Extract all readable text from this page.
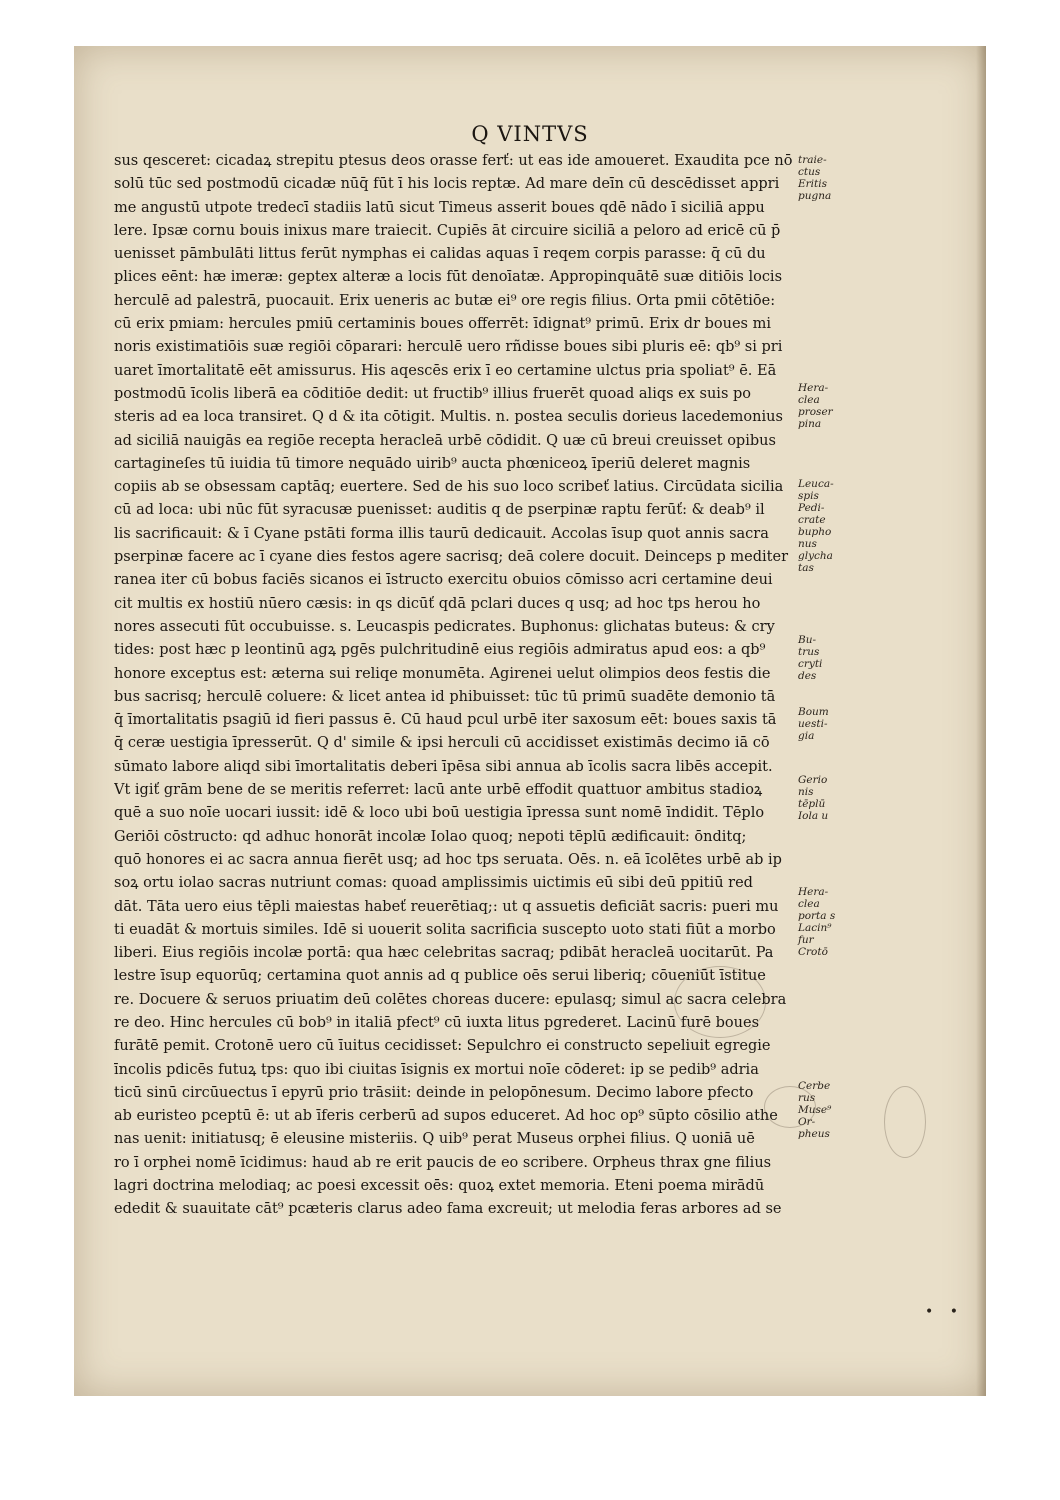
Q VINTVS
sus qesceret: cicadaꝝ strepitu ptesus deos orasse ferť: ut eas ide amoueret. Exaudita pce nō
solū tūc sed postmodū cicadæ nūq̄ fūt ī his locis reptæ. Ad mare deīn cū descēdisset appri
me angustū utpote tredecī stadiis latū sicut Timeus asserit boues qdē nādo ī siciliā appu
lere. Ipsæ cornu bouis inixus mare traiecit. Cupiēs āt circuire siciliā a peloro ad ericē cū p̄
uenisset pāmbulāti littus ferūt nymphas ei calidas aquas ī reqem corpis parasse: q̄ cū du
plices eēnt: hæ imeræ: geptex alteræ a locis fūt denoīatæ. Appropinquātē suæ ditiōis locis
herculē ad palestrā, puocauit. Erix ueneris ac butæ ei⁹ ore regis filius. Orta pmii cōtētiōe:
cū erix pmiam: hercules pmiū certaminis boues offerrēt: īdignat⁹ primū. Erix dr boues mi
noris existimatiōis suæ regiōi cōparari: herculē uero rñdisse boues sibi pluris eē: qb⁹ si pri
uaret īmortalitatē eēt amissurus. His aqescēs erix ī eo certamine ulctus pria spoliat⁹ ē. Eā
postmodū īcolis liberā ea cōditiōe dedit: ut fructib⁹ illius fruerēt quoad aliqs ex suis po
steris ad ea loca transiret. Q d & ita cōtigit. Multis. n. postea seculis dorieus lacedemonius
ad siciliā nauigās ea regiōe recepta heracleā urbē cōdidit. Q uæ cū breui creuisset opibus
cartagineſes tū iuidia tū timore nequādo uirib⁹ aucta phœniceoꝝ īperiū deleret magnis
copiis ab se obsessam captāq; euertere. Sed de his suo loco scribeť latius. Circūdata sicilia
cū ad loca: ubi nūc fūt syracusæ puenisset: auditis q de pserpinæ raptu ferūť: & deab⁹ il
lis sacrificauit: & ī Cyane pstāti forma illis taurū dedicauit. Accolas īsup quot annis sacra
pserpinæ facere ac ī cyane dies festos agere sacrisq; deā colere docuit. Deinceps p mediter
ranea iter cū bobus faciēs sicanos ei īstructo exercitu obuios cōmisso acri certamine deui
cit multis ex hostiū nūero cæsis: in qs dicūť qdā pclari duces q usq; ad hoc tps herou ho
nores assecuti fūt occubuisse. s. Leucaspis pedicrates. Buphonus: glichatas buteus: & cry
tides: post hæc p leontinū agꝝ pgēs pulchritudinē eius regiōis admiratus apud eos: a qb⁹
honore exceptus est: æterna sui reliqe monumēta. Agirenei uelut olimpios deos festis die
bus sacrisq; herculē coluere: & licet antea id phibuisset: tūc tū primū suadēte demonio tā
q̄ īmortalitatis psagiū id fieri passus ē. Cū haud pcul urbē iter saxosum eēt: boues saxis tā
q̄ ceræ uestigia īpresserūt. Q d' simile & ipsi herculi cū accidisset existimās decimo iā cō
sūmato labore aliqd sibi īmortalitatis deberi īpēsa sibi annua ab īcolis sacra libēs accepit.
Vt igiť grām bene de se meritis referret: lacū ante urbē effodit quattuor ambitus stadioꝝ
quē a suo noīe uocari iussit: idē & loco ubi boū uestigia īpressa sunt nomē īndidit. Tēplo
Geriōi cōstructo: qd adhuc honorāt incolæ Iolao quoq; nepoti tēplū ædificauit: ōnditq;
quō honores ei ac sacra annua fierēt usq; ad hoc tps seruata. Oēs. n. eā īcolētes urbē ab ip
soꝝ ortu iolao sacras nutriunt comas: quoad amplissimis uictimis eū sibi deū ppitiū red
dāt. Tāta uero eius tēpli maiestas habeť reuerētiaq;: ut q assuetis deficiāt sacris: pueri mu
ti euadāt & mortuis similes. Idē si uouerit solita sacrificia suscepto uoto stati fiūt a morbo
liberi. Eius regiōis incolæ portā: qua hæc celebritas sacraq; pdibāt heracleā uocitarūt. Pa
lestre īsup equorūq; certamina quot annis ad q publice oēs serui liberiq; cōueniūt īstitue
re. Docuere & seruos priuatim deū colētes choreas ducere: epulasq; simul ac sacra celebra
re deo. Hinc hercules cū bob⁹ in italiā pfect⁹ cū iuxta litus pgrederet. Lacinū furē boues
furātē pemit. Crotonē uero cū īuitus cecidisset: Sepulchro ei constructo sepeliuit egregie
īncolis pdicēs futuꝝ tps: quo ibi ciuitas īsignis ex mortui noīe cōderet: ip se pedib⁹ adria
ticū sinū circūuectus ī epyrū prio trāsiit: deinde in pelopōnesum. Decimo labore pfecto
ab euristeo pceptū ē: ut ab īferis cerberū ad supos educeret. Ad hoc op⁹ sūpto cōsilio athe
nas uenit: initiatusq; ē eleusine misteriis. Q uib⁹ perat Museus orphei filius. Q uoniā uē
ro ī orphei nomē īcidimus: haud ab re erit paucis de eo scribere. Orpheus thrax gne filius
lagri doctrina melodiaq; ac poesi excessit oēs: quoꝝ extet memoria. Eteni poema mirādū
ededit & suauitate cāt⁹ pcæteris clarus adeo fama excreuit; ut melodia feras arbores ad se
traie-
ctus
Eritis
pugna
Hera-
clea
proser
pina
Leuca-
spis
Pedi-
crate
bupho
nus
glycha
tas
Bu-
trus
cryti
des
Boum
uesti-
gia
Gerio
nis
tēplū
Iola u
Hera-
clea
porta s
Lacin⁹
fur
Crotō
Cerbe
rus
Muse⁹
Or-
pheus
• •
